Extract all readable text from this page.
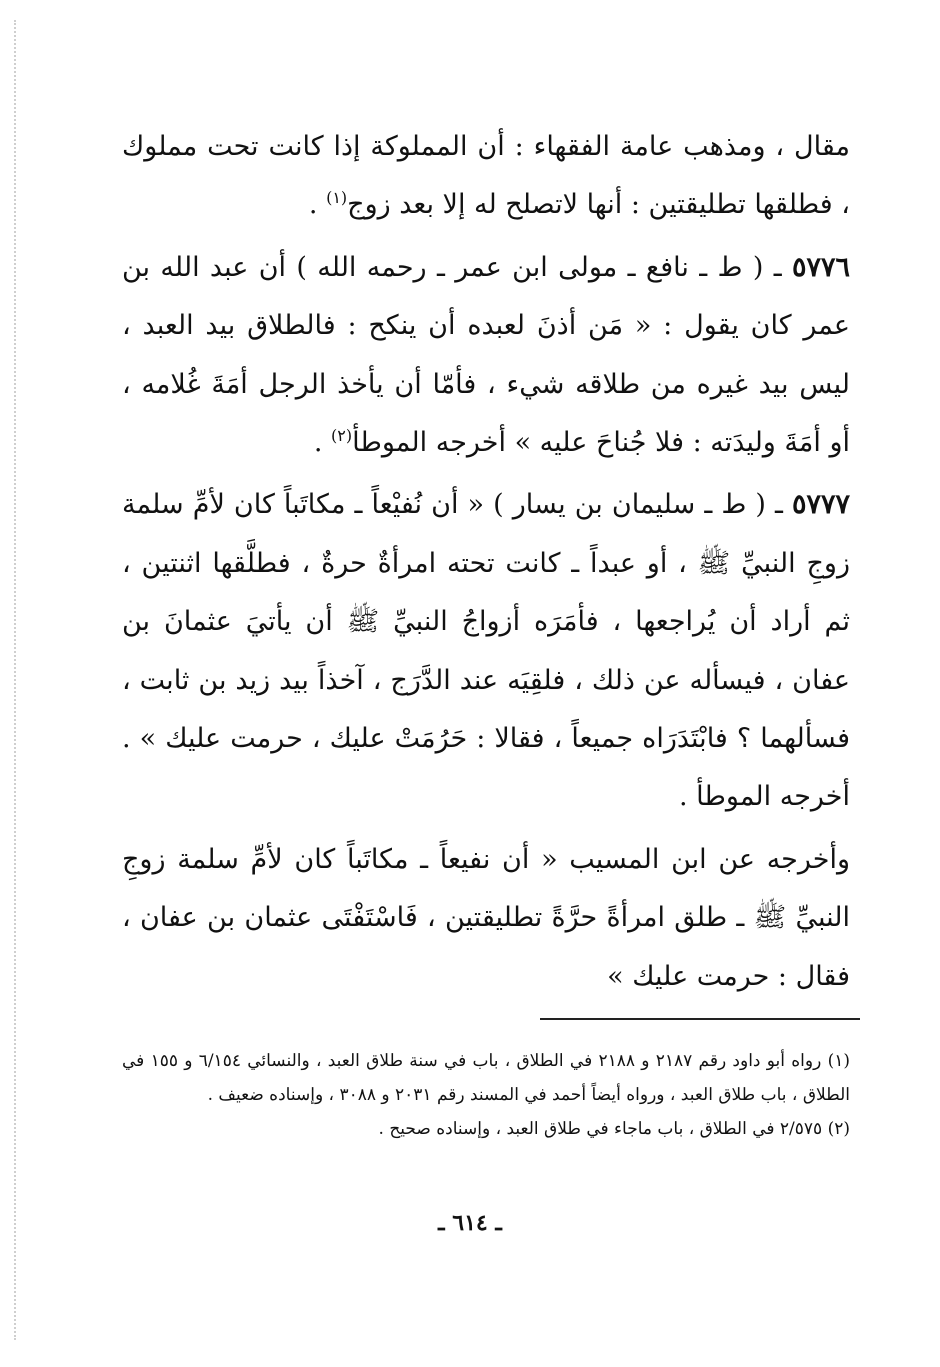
مقال ، ومذهب عامة الفقهاء : أن المملوكة إذا كانت تحت مملوك ، فطلقها تطليقتين : أنها لاتصلح له إلا بعد زوج$^{(١)}$ .

٥٧٧٦ ـ ( ط ـ نافع ـ مولى ابن عمر ـ رحمه الله ) أن عبد الله بن عمر كان يقول : « مَن أذنَ لعبده أن ينكح : فالطلاق بيد العبد ، ليس بيد غيره من طلاقه شيء ، فأمّا أن يأخذ الرجل أمَةَ غُلامه ، أو أمَةَ وليدَته : فلا جُناحَ عليه » أخرجه الموطأ$^{(٢)}$ .

٥٧٧٧ ـ ( ط ـ سليمان بن يسار ) « أن نُفيْعاً ـ مكاتَباً كان لأمِّ سلمة زوجِ النبيِّ ﷺ ، أو عبداً ـ كانت تحته امرأةٌ حرةٌ ، فطلَّقها اثنتين ، ثم أراد أن يُراجعها ، فأمَرَه أزواجُ النبيِّ ﷺ أن يأتيَ عثمانَ بن عفان ، فيسأله عن ذلك ، فلقِيَه عند الدَّرَج ، آخذاً بيد زيد بن ثابت ، فسألهما ؟ فابْتَدَرَاه جميعاً ، فقالا : حَرُمَتْ عليك ، حرمت عليك » . أخرجه الموطأ .

وأخرجه عن ابن المسيب « أن نفيعاً ـ مكاتَباً كان لأمِّ سلمة زوجِ النبيِّ ﷺ ـ طلق امرأةً حرَّةً تطليقتين ، فَاسْتَفْتَى عثمان بن عفان ، فقال : حرمت عليك »

(١) رواه أبو داود رقم ٢١٨٧ و ٢١٨٨ في الطلاق ، باب في سنة طلاق العبد ، والنسائي ٦/١٥٤ و ١٥٥ في الطلاق ، باب طلاق العبد ، ورواه أيضاً أحمد في المسند رقم ٢٠٣١ و ٣٠٨٨ ، وإسناده ضعيف .

(٢) ٢/٥٧٥ في الطلاق ، باب ماجاء في طلاق العبد ، وإسناده صحيح .

ـ ٦١٤ ـ
